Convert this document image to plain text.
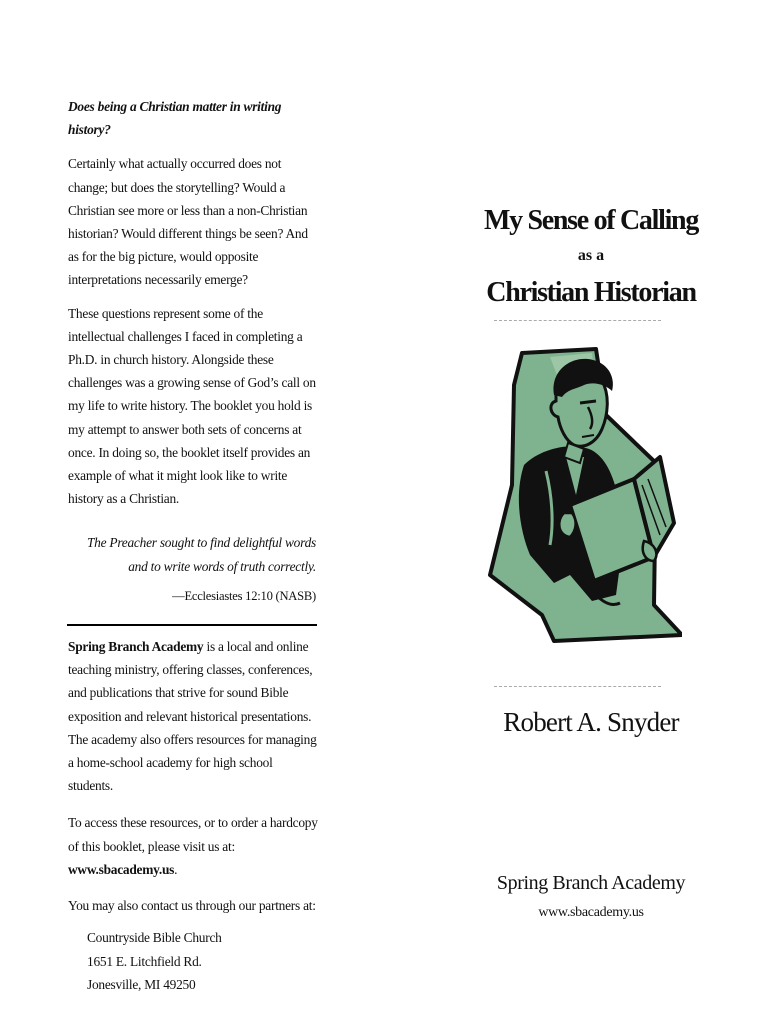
Does being a Christian matter in writing history?

Certainly what actually occurred does not change; but does the storytelling? Would a Christian see more or less than a non-Christian historian? Would different things be seen? And as for the big picture, would opposite interpretations necessarily emerge?

These questions represent some of the intellectual challenges I faced in completing a Ph.D. in church history. Alongside these challenges was a growing sense of God’s call on my life to write history. The booklet you hold is my attempt to answer both sets of concerns at once. In doing so, the booklet itself provides an example of what it might look like to write history as a Christian.

The Preacher sought to find delightful words
and to write words of truth correctly.

—Ecclesiastes 12:10 (NASB)

Spring Branch Academy is a local and online teaching ministry, offering classes, conferences, and publications that strive for sound Bible exposition and relevant historical presentations. The academy also offers resources for managing a home-school academy for high school students.

To access these resources, or to order a hardcopy of this booklet, please visit us at: www.sbacademy.us.

You may also contact us through our partners at:

Countryside Bible Church
1651 E. Litchfield Rd.
Jonesville, MI 49250
My Sense of Calling
as a
Christian Historian
Robert A. Snyder
Spring Branch Academy
www.sbacademy.us
